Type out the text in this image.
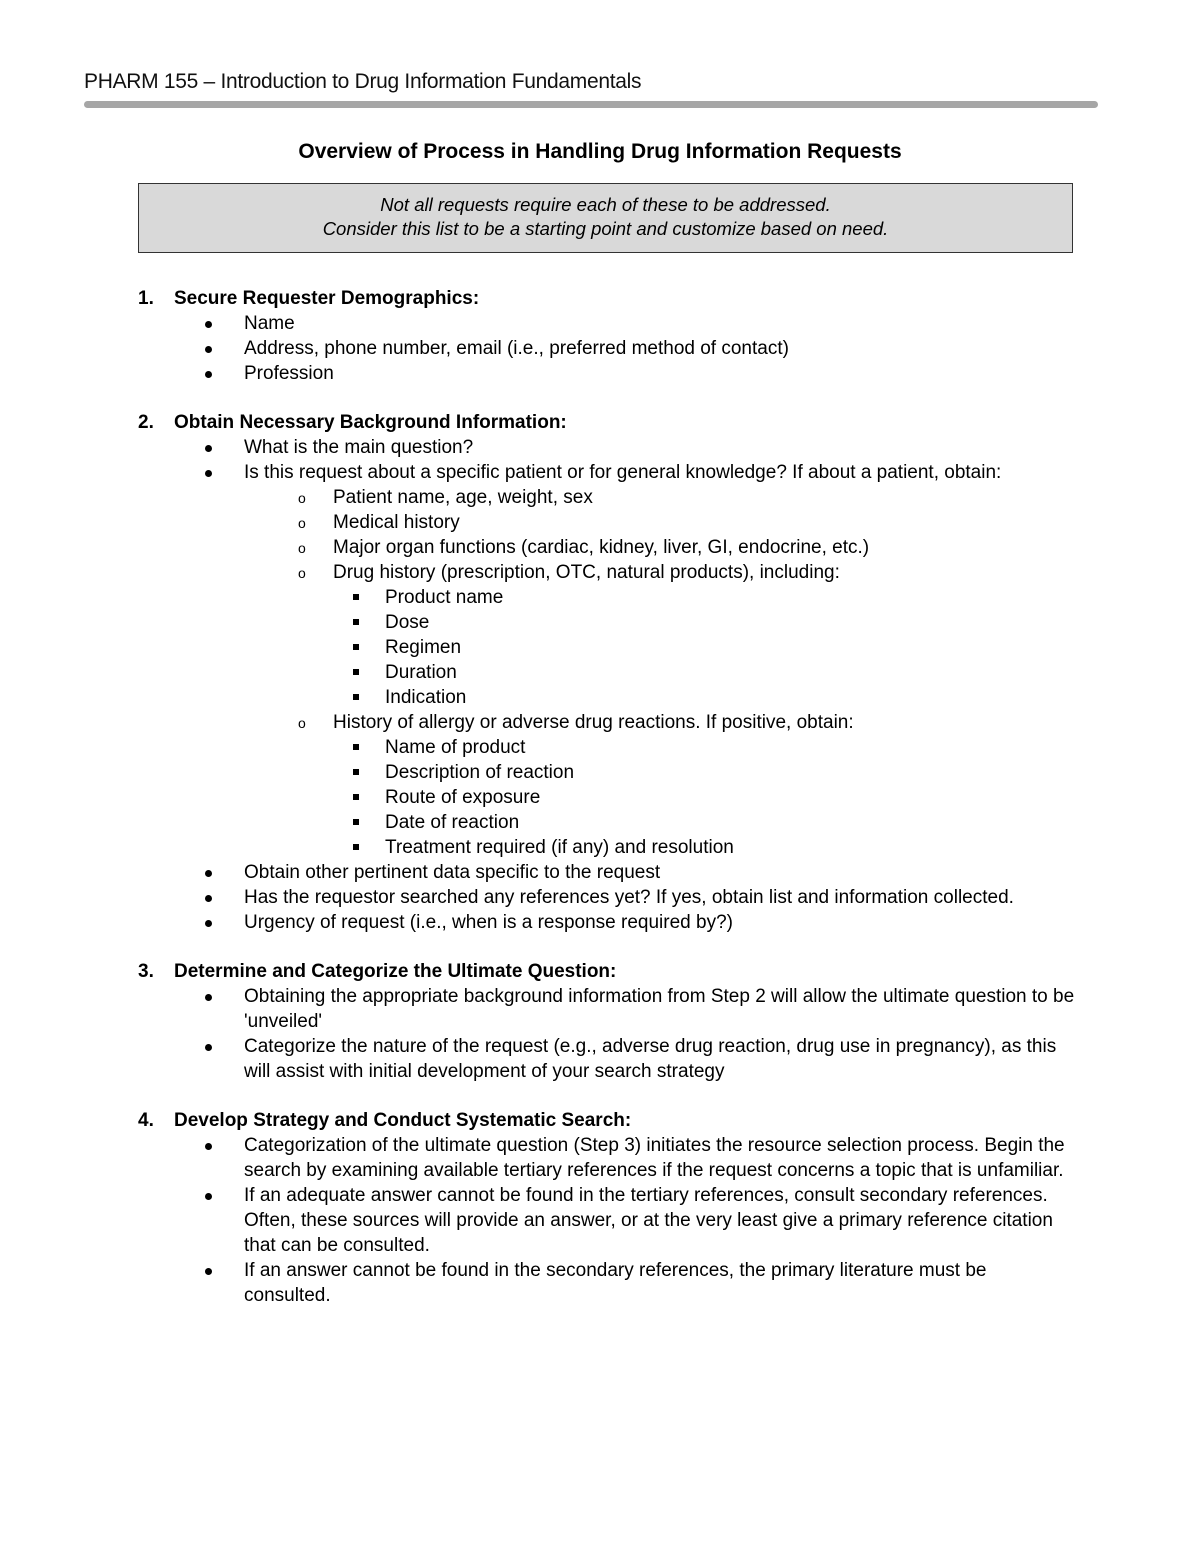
PHARM 155 – Introduction to Drug Information Fundamentals
Overview of Process in Handling Drug Information Requests
Not all requests require each of these to be addressed.
Consider this list to be a starting point and customize based on need.
1.	Secure Requester Demographics:
Name
Address, phone number, email (i.e., preferred method of contact)
Profession
2.	Obtain Necessary Background Information:
What is the main question?
Is this request about a specific patient or for general knowledge? If about a patient, obtain:
o Patient name, age, weight, sex
o Medical history
o Major organ functions (cardiac, kidney, liver, GI, endocrine, etc.)
o Drug history (prescription, OTC, natural products), including:
Product name
Dose
Regimen
Duration
Indication
o History of allergy or adverse drug reactions. If positive, obtain:
Name of product
Description of reaction
Route of exposure
Date of reaction
Treatment required (if any) and resolution
Obtain other pertinent data specific to the request
Has the requestor searched any references yet? If yes, obtain list and information collected.
Urgency of request (i.e., when is a response required by?)
3.	Determine and Categorize the Ultimate Question:
Obtaining the appropriate background information from Step 2 will allow the ultimate question to be 'unveiled'
Categorize the nature of the request (e.g., adverse drug reaction, drug use in pregnancy), as this will assist with initial development of your search strategy
4.	Develop Strategy and Conduct Systematic Search:
Categorization of the ultimate question (Step 3) initiates the resource selection process. Begin the search by examining available tertiary references if the request concerns a topic that is unfamiliar.
If an adequate answer cannot be found in the tertiary references, consult secondary references. Often, these sources will provide an answer, or at the very least give a primary reference citation that can be consulted.
If an answer cannot be found in the secondary references, the primary literature must be consulted.
